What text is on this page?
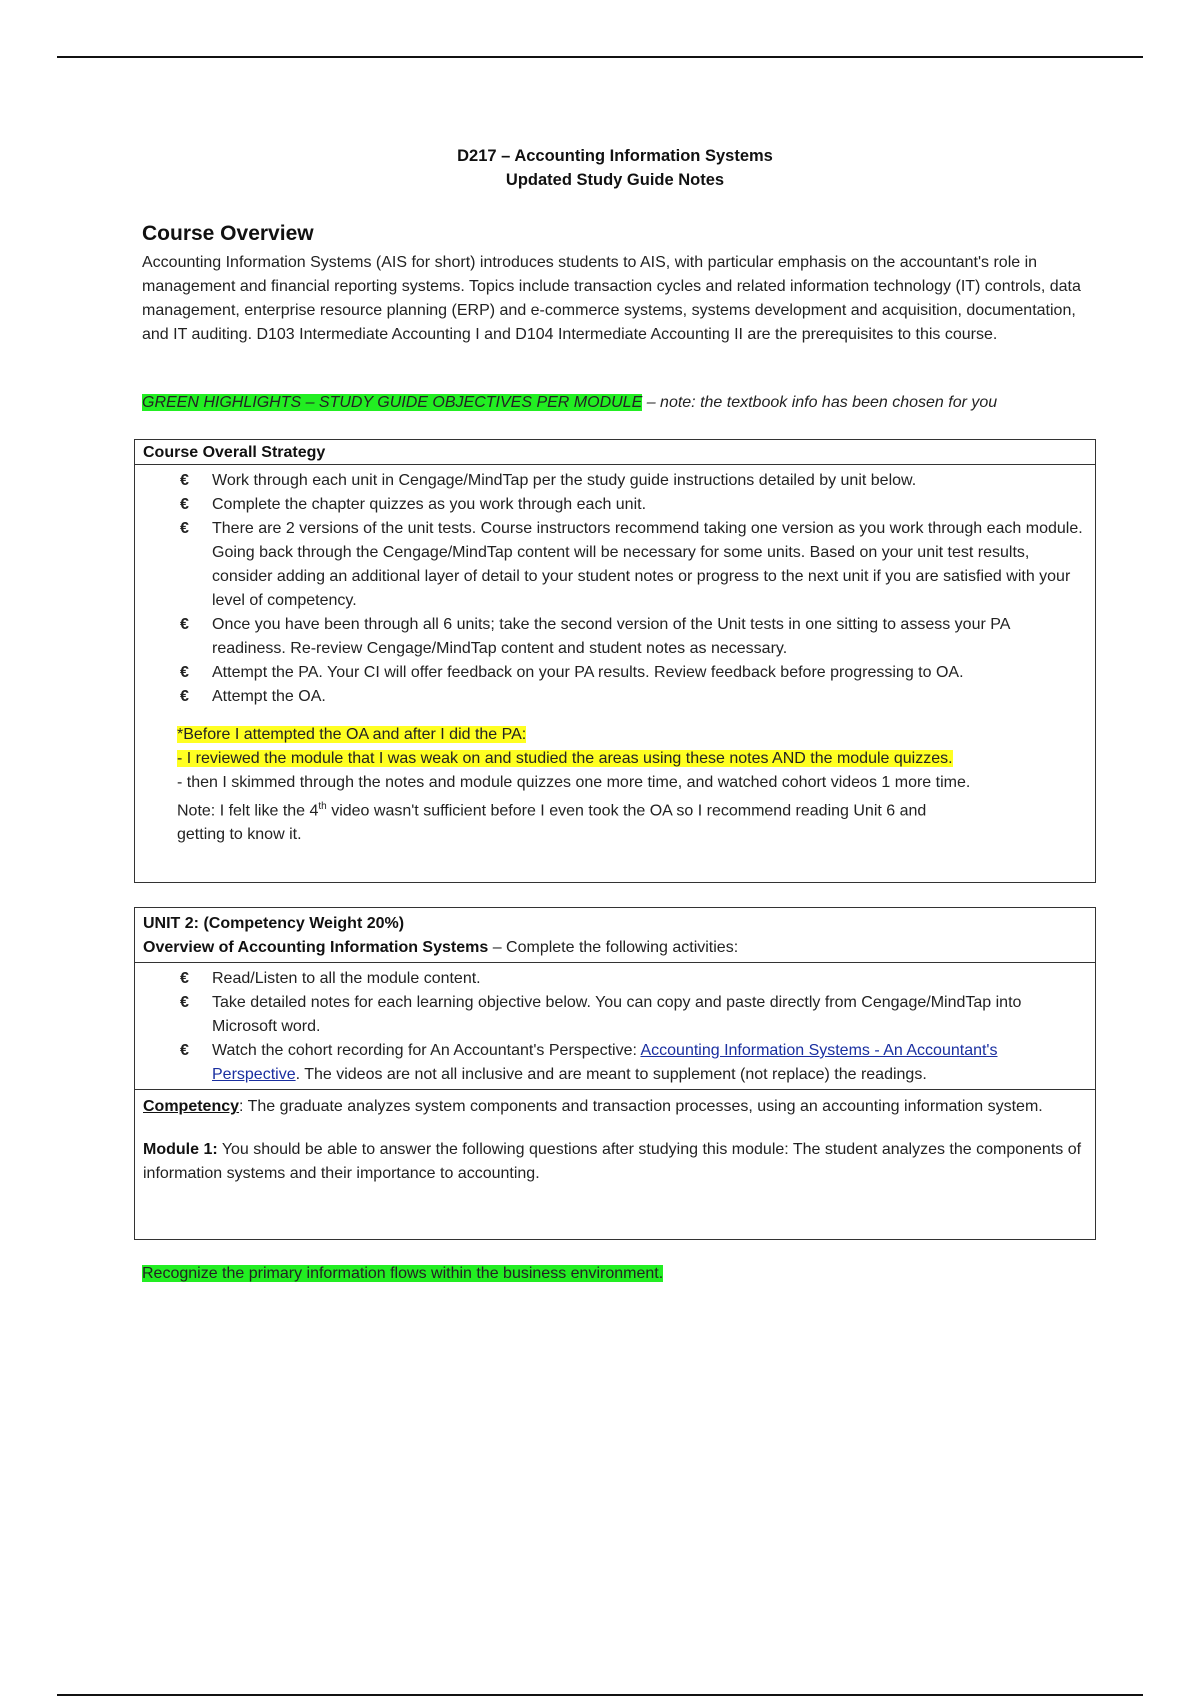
D217 – Accounting Information Systems
Updated Study Guide Notes
Course Overview

Accounting Information Systems (AIS for short) introduces students to AIS, with particular emphasis on the accountant's role in management and financial reporting systems. Topics include transaction cycles and related information technology (IT) controls, data management, enterprise resource planning (ERP) and e-commerce systems, systems development and acquisition, documentation, and IT auditing. D103 Intermediate Accounting I and D104 Intermediate Accounting II are the prerequisites to this course.

GREEN HIGHLIGHTS – STUDY GUIDE OBJECTIVES PER MODULE – note: the textbook info has been chosen for you
Course Overall Strategy
€ Work through each unit in Cengage/MindTap per the study guide instructions detailed by unit below.
€ Complete the chapter quizzes as you work through each unit.
€ There are 2 versions of the unit tests. Course instructors recommend taking one version as you work through each module. Going back through the Cengage/MindTap content will be necessary for some units. Based on your unit test results, consider adding an additional layer of detail to your student notes or progress to the next unit if you are satisfied with your level of competency.
€ Once you have been through all 6 units; take the second version of the Unit tests in one sitting to assess your PA readiness. Re-review Cengage/MindTap content and student notes as necessary.
€ Attempt the PA. Your CI will offer feedback on your PA results. Review feedback before progressing to OA.
€ Attempt the OA.
*Before I attempted the OA and after I did the PA:
- I reviewed the module that I was weak on and studied the areas using these notes AND the module quizzes.
- then I skimmed through the notes and module quizzes one more time, and watched cohort videos 1 more time.
Note: I felt like the 4th video wasn't sufficient before I even took the OA so I recommend reading Unit 6 and
getting to know it.
UNIT 2: (Competency Weight 20%)
Overview of Accounting Information Systems – Complete the following activities:
€ Read/Listen to all the module content.
€ Take detailed notes for each learning objective below. You can copy and paste directly from Cengage/MindTap into Microsoft word.
€ Watch the cohort recording for An Accountant's Perspective: Accounting Information Systems - An Accountant's Perspective. The videos are not all inclusive and are meant to supplement (not replace) the readings.

Competency: The graduate analyzes system components and transaction processes, using an accounting information system.

Module 1: You should be able to answer the following questions after studying this module: The student analyzes the components of information systems and their importance to accounting.

Recognize the primary information flows within the business environment.
